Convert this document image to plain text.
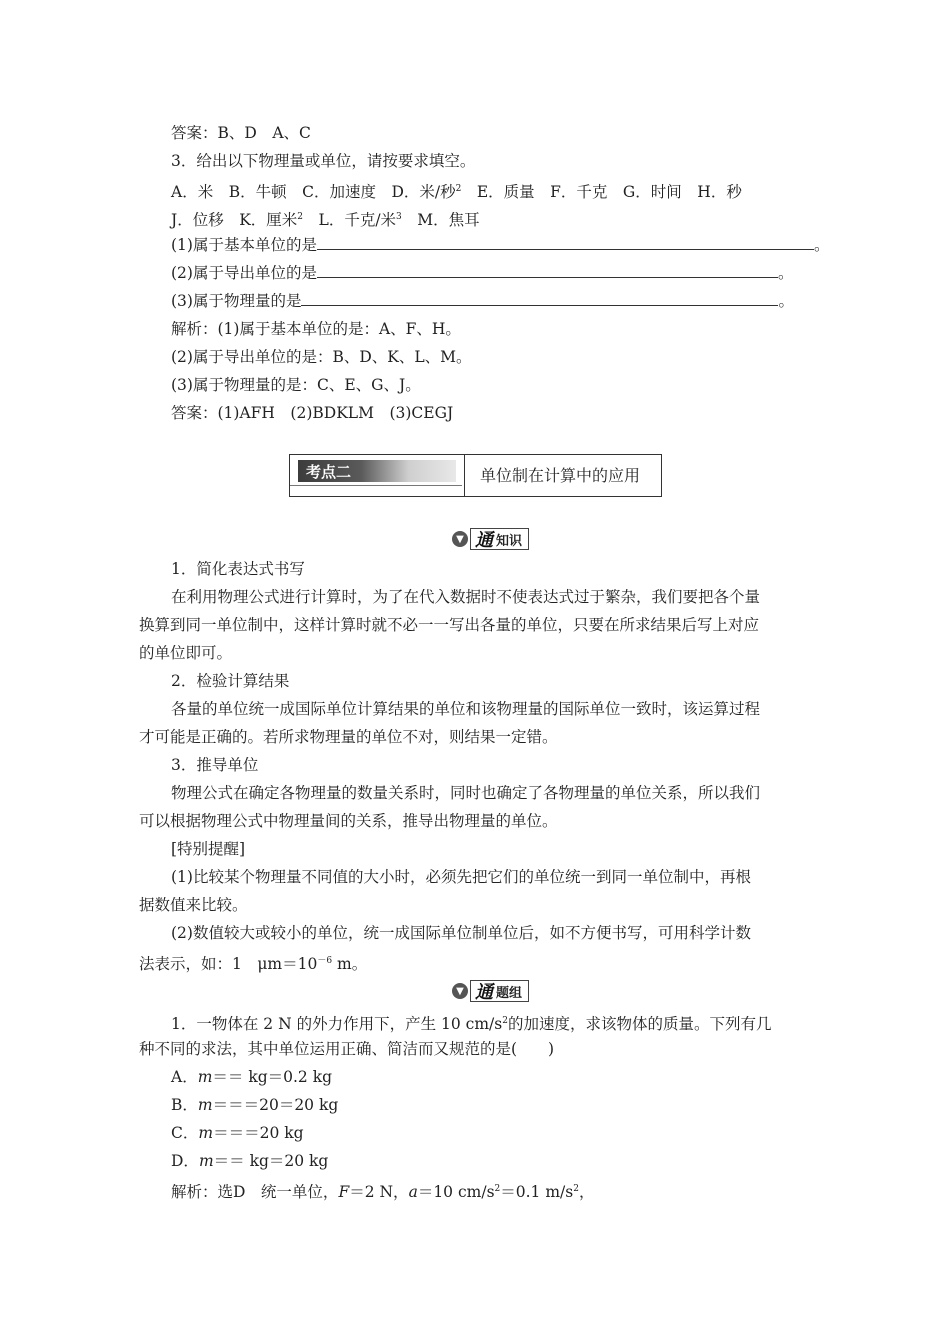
答案：B、D　A、C
3．给出以下物理量或单位，请按要求填空。
A．米　B．牛顿　C．加速度　D．米/秒$^2$　E．质量　F．千克　G．时间　H．秒
J．位移　K．厘米$^2$　L．千克/米$^3$　M．焦耳
(1)属于基本单位的是	。
(2)属于导出单位的是	。
(3)属于物理量的是	。
解析：(1)属于基本单位的是：A、F、H。
(2)属于导出单位的是：B、D、K、L、M。
(3)属于物理量的是：C、E、G、J。
答案：(1)AFH　(2)BDKLM　(3)CEGJ
考点二	单位制在计算中的应用
▼ 通 知识
1．简化表达式书写
在利用物理公式进行计算时，为了在代入数据时不使表达式过于繁杂，我们要把各个量
换算到同一单位制中，这样计算时就不必一一写出各量的单位，只要在所求结果后写上对应
的单位即可。
2．检验计算结果
各量的单位统一成国际单位计算结果的单位和该物理量的国际单位一致时，该运算过程
才可能是正确的。若所求物理量的单位不对，则结果一定错。
3．推导单位
物理公式在确定各物理量的数量关系时，同时也确定了各物理量的单位关系，所以我们
可以根据物理公式中物理量间的关系，推导出物理量的单位。
[特别提醒]
(1)比较某个物理量不同值的大小时，必须先把它们的单位统一到同一单位制中，再根
据数值来比较。
(2)数值较大或较小的单位，统一成国际单位制单位后，如不方便书写，可用科学计数
法表示，如：1　$\mu m=10^{-6}$ m。
▼ 通 题组
1．一物体在 2 N 的外力作用下，产生 10 $cm/s^2$的加速度，求该物体的质量。下列有几
种不同的求法，其中单位运用正确、简洁而又规范的是(　　)
A．m＝＝ kg＝0.2 kg
B．m＝＝＝20＝20 kg
C．m＝＝＝20 kg
D．m＝＝ kg＝20 kg
解析：选D　统一单位，F＝2 N，a＝10 $cm/s^2=0.1$ $m/s^2$，
